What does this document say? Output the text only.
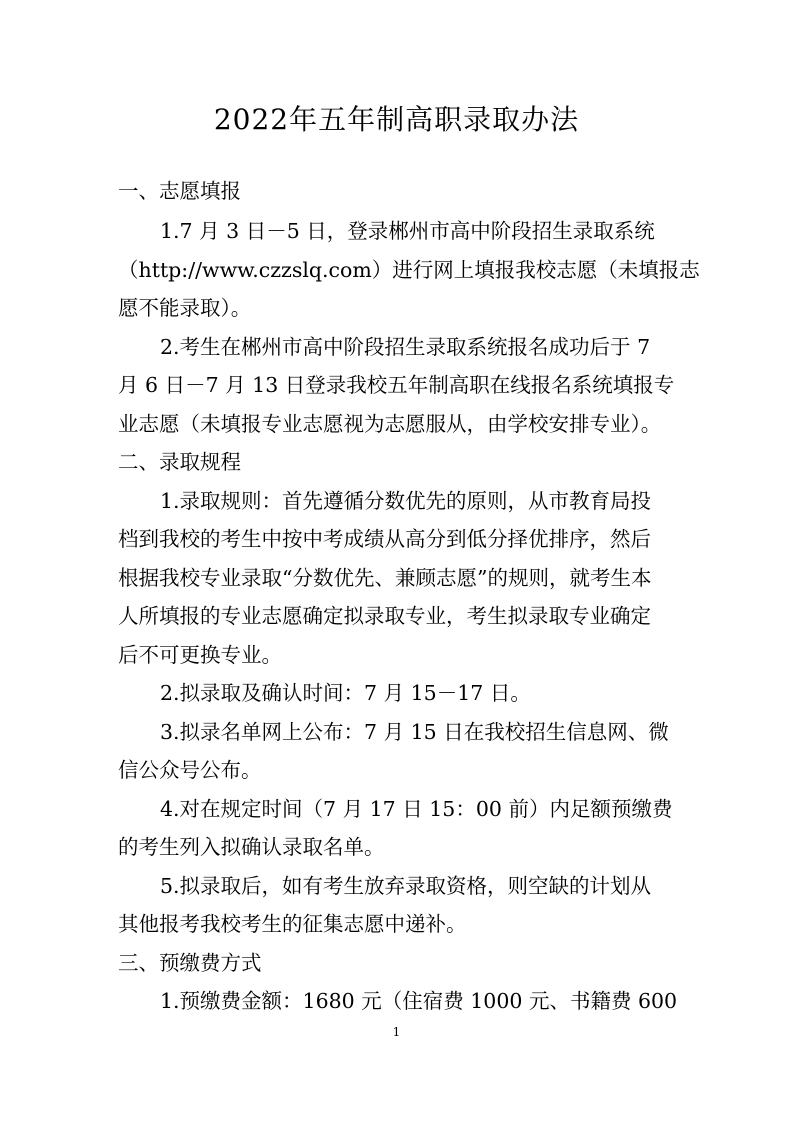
2022年五年制高职录取办法
一、志愿填报
1.7 月 3 日－5 日，登录郴州市高中阶段招生录取系统
（http://www.czzslq.com）进行网上填报我校志愿（未填报志
愿不能录取）。
2.考生在郴州市高中阶段招生录取系统报名成功后于 7
月 6 日－7 月 13 日登录我校五年制高职在线报名系统填报专
业志愿（未填报专业志愿视为志愿服从，由学校安排专业）。
二、录取规程
1.录取规则：首先遵循分数优先的原则，从市教育局投
档到我校的考生中按中考成绩从高分到低分择优排序，然后
根据我校专业录取“分数优先、兼顾志愿”的规则，就考生本
人所填报的专业志愿确定拟录取专业，考生拟录取专业确定
后不可更换专业。
2.拟录取及确认时间：7 月 15－17 日。
3.拟录名单网上公布：7 月 15 日在我校招生信息网、微
信公众号公布。
4.对在规定时间（7 月 17 日 15：00 前）内足额预缴费
的考生列入拟确认录取名单。
5.拟录取后，如有考生放弃录取资格，则空缺的计划从
其他报考我校考生的征集志愿中递补。
三、预缴费方式
1.预缴费金额：1680 元（住宿费 1000 元、书籍费 600
1
